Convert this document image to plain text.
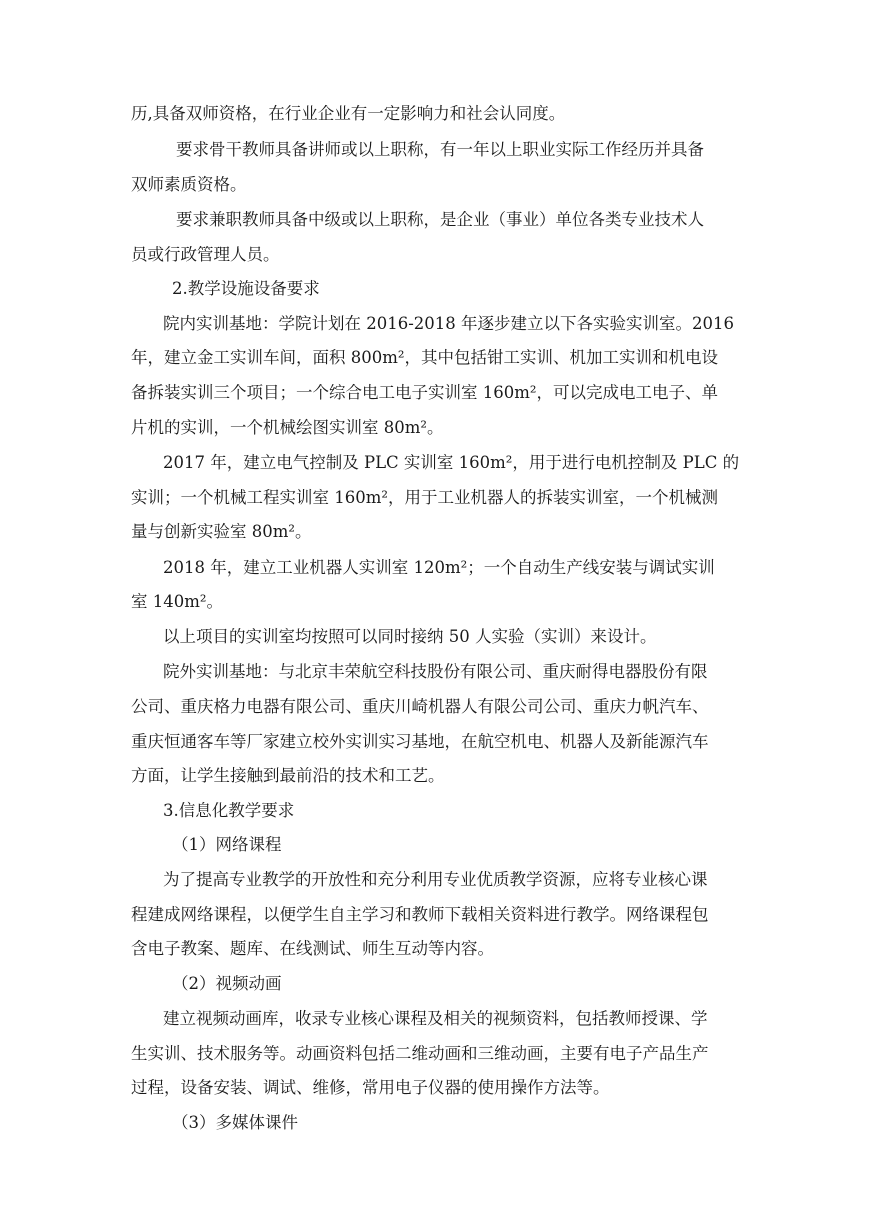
历,具备双师资格，在行业企业有一定影响力和社会认同度。
要求骨干教师具备讲师或以上职称，有一年以上职业实际工作经历并具备
双师素质资格。
要求兼职教师具备中级或以上职称，是企业（事业）单位各类专业技术人
员或行政管理人员。
2.教学设施设备要求
院内实训基地：学院计划在 2016-2018 年逐步建立以下各实验实训室。2016
年，建立金工实训车间，面积 800m²，其中包括钳工实训、机加工实训和机电设
备拆装实训三个项目；一个综合电工电子实训室 160m²，可以完成电工电子、单
片机的实训，一个机械绘图实训室 80m²。
2017 年，建立电气控制及 PLC 实训室 160m²，用于进行电机控制及 PLC 的
实训；一个机械工程实训室 160m²，用于工业机器人的拆装实训室，一个机械测
量与创新实验室 80m²。
2018 年，建立工业机器人实训室 120m²；一个自动生产线安装与调试实训
室 140m²。
以上项目的实训室均按照可以同时接纳 50 人实验（实训）来设计。
院外实训基地：与北京丰荣航空科技股份有限公司、重庆耐得电器股份有限
公司、重庆格力电器有限公司、重庆川崎机器人有限公司公司、重庆力帆汽车、
重庆恒通客车等厂家建立校外实训实习基地，在航空机电、机器人及新能源汽车
方面，让学生接触到最前沿的技术和工艺。
3.信息化教学要求
（1）网络课程
为了提高专业教学的开放性和充分利用专业优质教学资源，应将专业核心课
程建成网络课程，以便学生自主学习和教师下载相关资料进行教学。网络课程包
含电子教案、题库、在线测试、师生互动等内容。
（2）视频动画
建立视频动画库，收录专业核心课程及相关的视频资料，包括教师授课、学
生实训、技术服务等。动画资料包括二维动画和三维动画，主要有电子产品生产
过程，设备安装、调试、维修，常用电子仪器的使用操作方法等。
（3）多媒体课件
